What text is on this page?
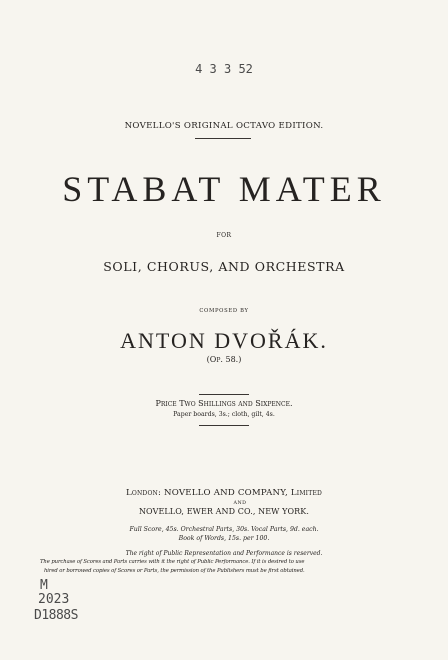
4 3 3 52
NOVELLO'S ORIGINAL OCTAVO EDITION.
STABAT MATER
FOR
SOLI, CHORUS, AND ORCHESTRA
COMPOSED BY
ANTON DVOŘÁK.
(Op. 58.)
Price Two Shillings and Sixpence.
Paper boards, 3s.; cloth, gilt, 4s.
London: NOVELLO AND COMPANY, Limited
AND
NOVELLO, EWER AND CO., NEW YORK.
Full Score, 45s. Orchestral Parts, 30s. Vocal Parts, 9d. each.
Book of Words, 15s. per 100.
The right of Public Representation and Performance is reserved.
The purchase of Scores and Parts carries with it the right of Public Performance. If it is desired to use
hired or borrowed copies of Scores or Parts, the permission of the Publishers must be first obtained.
M
2023
D1888S
